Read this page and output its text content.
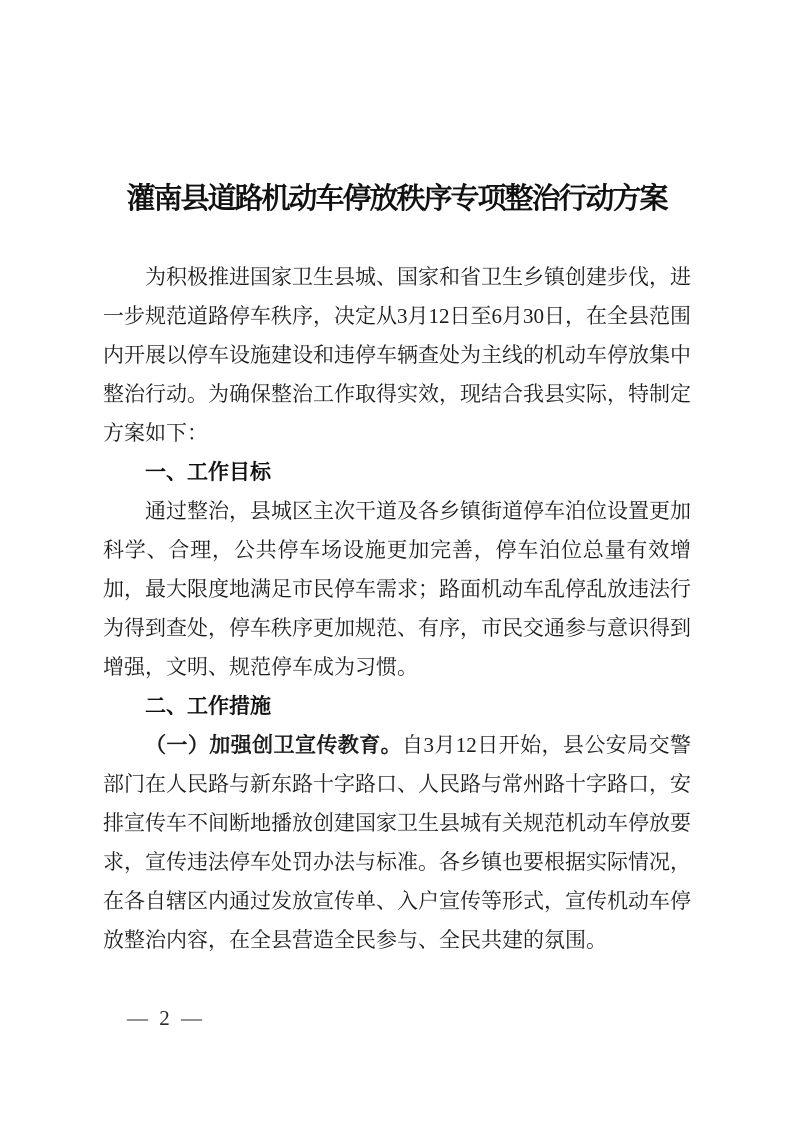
灌南县道路机动车停放秩序专项整治行动方案

为积极推进国家卫生县城、国家和省卫生乡镇创建步伐，进一步规范道路停车秩序，决定从3月12日至6月30日，在全县范围内开展以停车设施建设和违停车辆查处为主线的机动车停放集中整治行动。为确保整治工作取得实效，现结合我县实际，特制定方案如下：

一、工作目标

通过整治，县城区主次干道及各乡镇街道停车泊位设置更加科学、合理，公共停车场设施更加完善，停车泊位总量有效增加，最大限度地满足市民停车需求；路面机动车乱停乱放违法行为得到查处，停车秩序更加规范、有序，市民交通参与意识得到增强，文明、规范停车成为习惯。

二、工作措施

（一）加强创卫宣传教育。自3月12日开始，县公安局交警部门在人民路与新东路十字路口、人民路与常州路十字路口，安排宣传车不间断地播放创建国家卫生县城有关规范机动车停放要求，宣传违法停车处罚办法与标准。各乡镇也要根据实际情况，在各自辖区内通过发放宣传单、入户宣传等形式，宣传机动车停放整治内容，在全县营造全民参与、全民共建的氛围。

— 2 —
